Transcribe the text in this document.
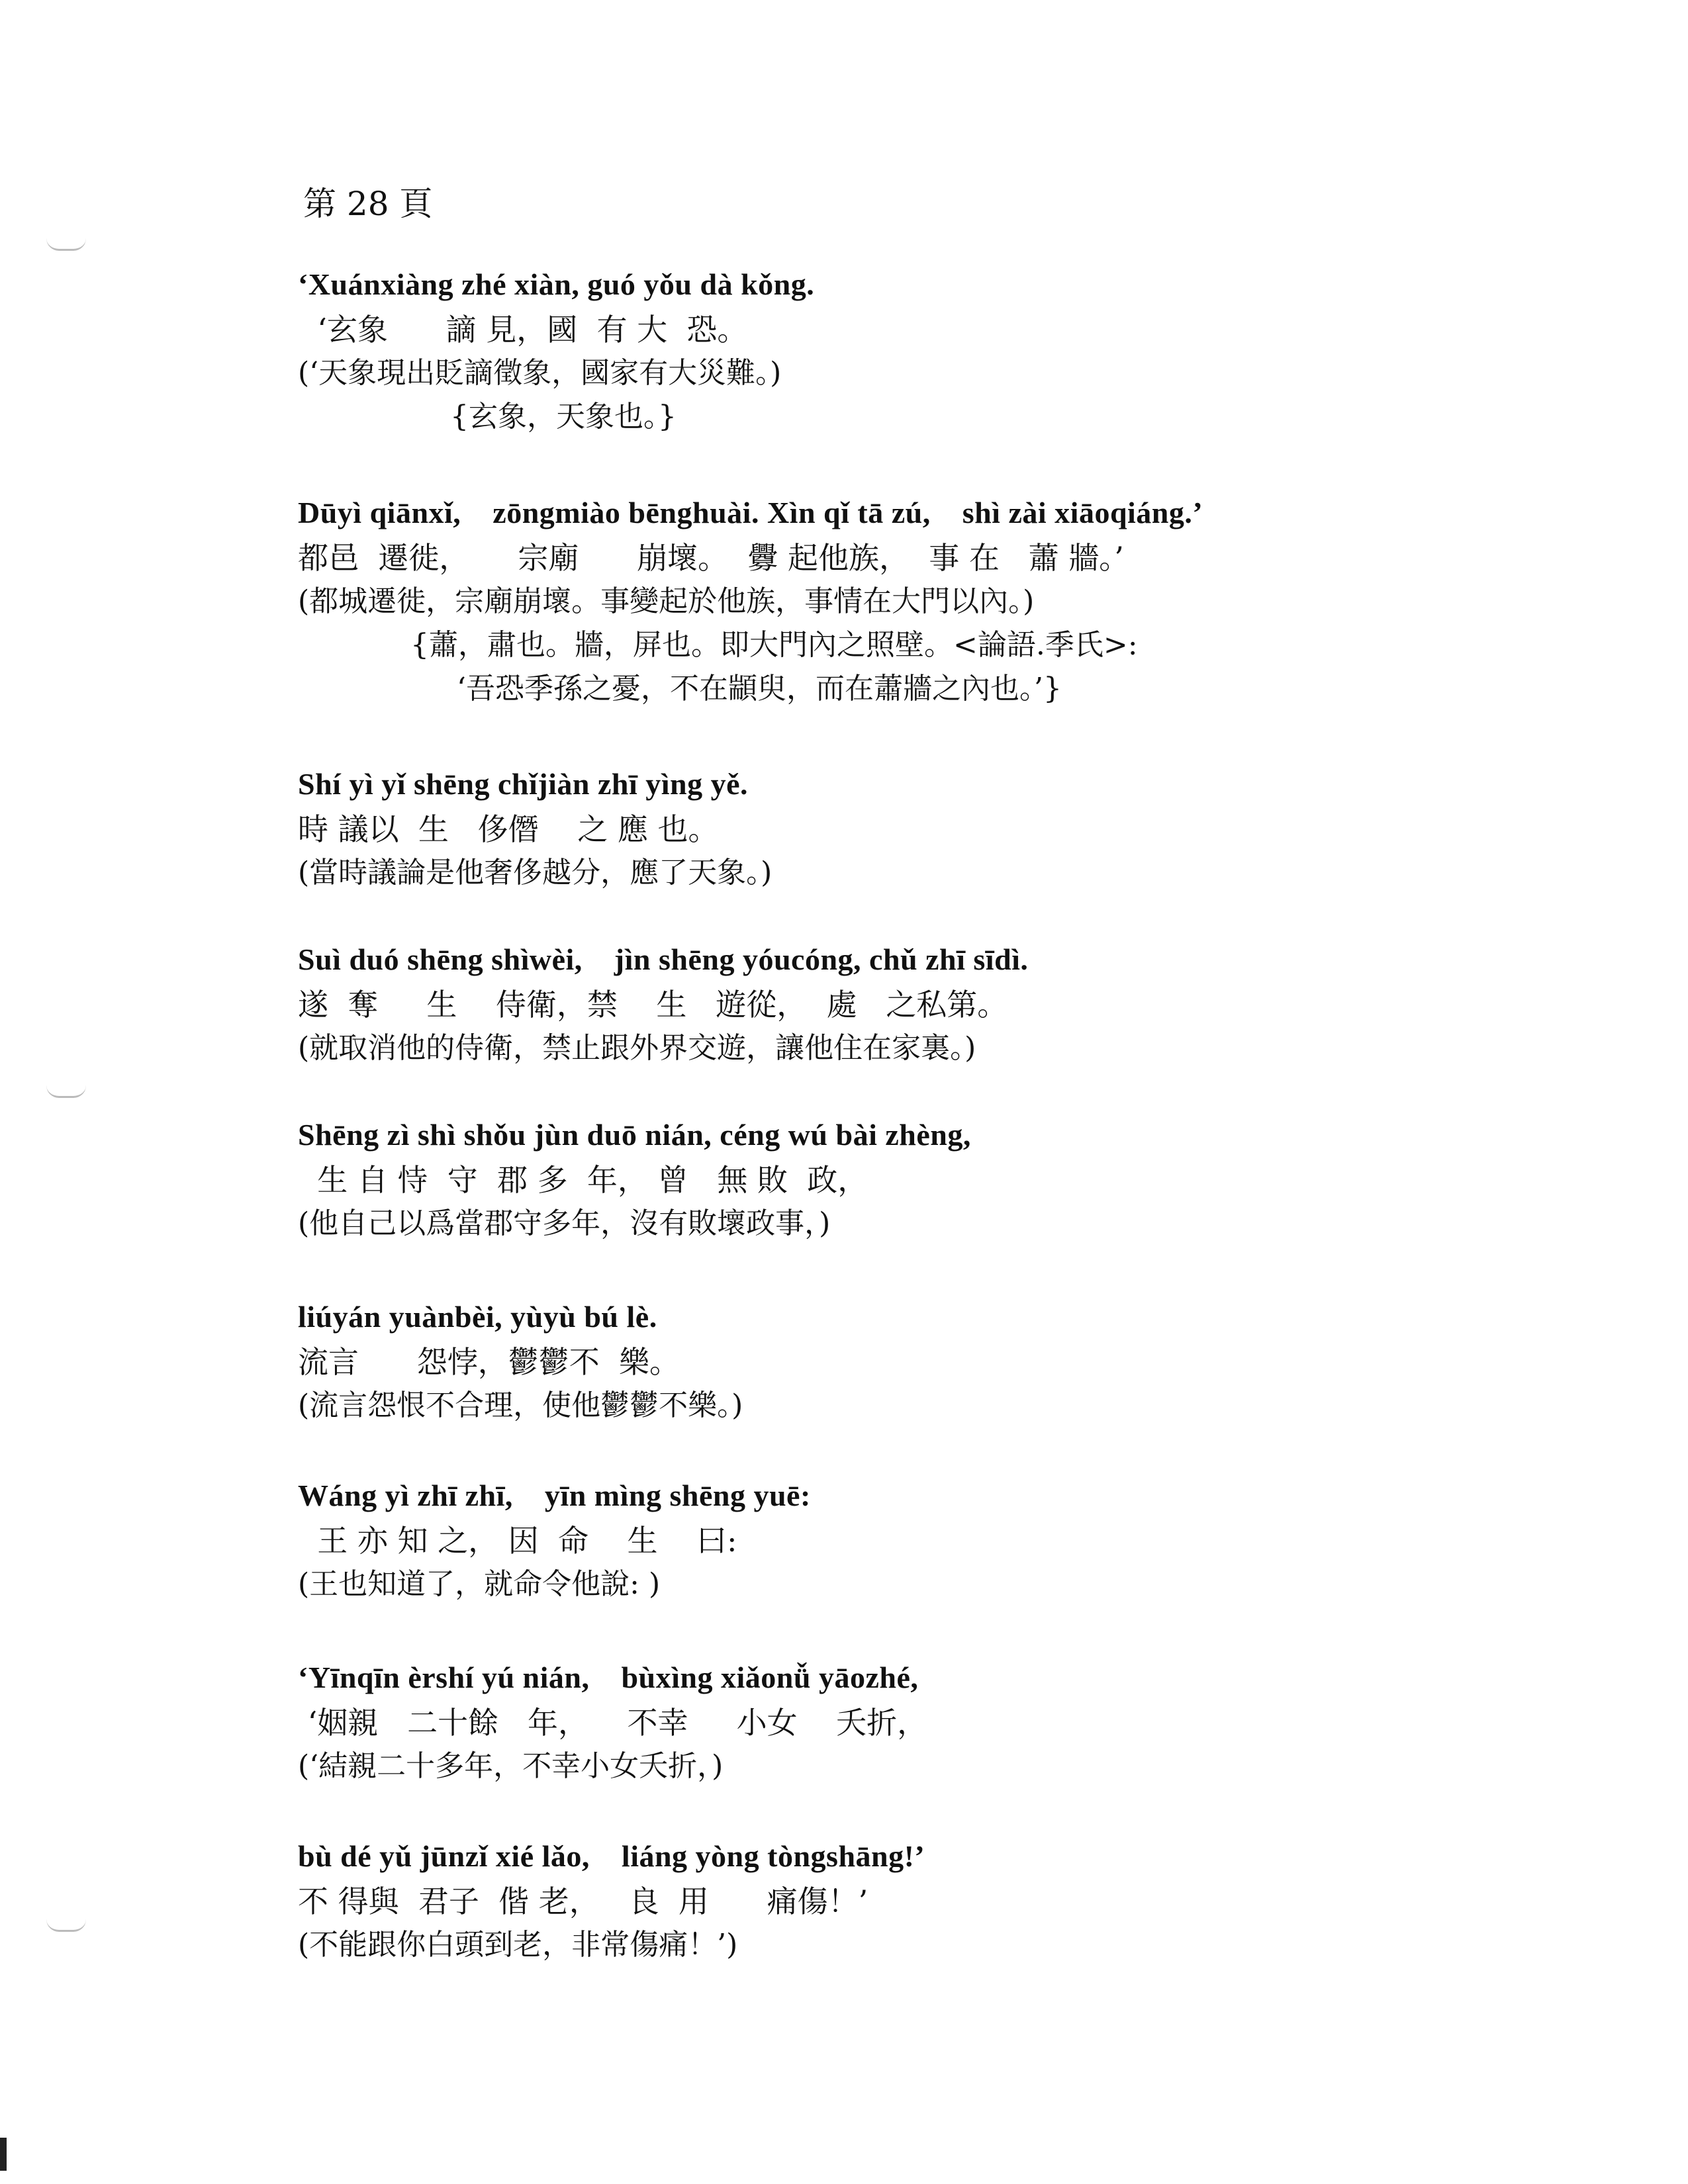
第 28 頁
‘Xuánxiàng zhé xiàn, guó yǒu dà kǒng.
‘玄象      謫 見，國  有 大  恐。
(‘天象現出貶謫徵象，國家有大災難。)
{玄象，天象也。}
Dūyì qiānxǐ,    zōngmiào bēnghuài. Xìn qǐ tā zú,    shì zài xiāoqiáng.’
都邑  遷徙，     宗廟      崩壞。  釁 起他族，  事 在   蕭 牆。’
(都城遷徙，宗廟崩壞。事變起於他族，事情在大門以內。)
{蕭，肅也。牆，屏也。即大門內之照壁。<論語.季氏>:
‘吾恐季孫之憂，不在顓臾，而在蕭牆之內也。’}
Shí yì yǐ shēng chǐjiàn zhī yìng yě.
時 議以  生   侈僭    之 應 也。
(當時議論是他奢侈越分，應了天象。)
Suì duó shēng shìwèi,    jìn shēng yóucóng, chǔ zhī sīdì.
遂  奪     生    侍衛，禁    生   遊從，  處   之私第。
(就取消他的侍衛，禁止跟外界交遊，讓他住在家裏。)
Shēng zì shì shǒu jùn duō nián, céng wú bài zhèng,
生 自 恃  守  郡 多  年， 曾   無 敗  政，
(他自己以爲當郡守多年，沒有敗壞政事，)
liúyán yuànbèi, yùyù bú lè.
流言      怨悖，鬱鬱不  樂。
(流言怨恨不合理，使他鬱鬱不樂。)
Wáng yì zhī zhī,    yīn mìng shēng yuē:
王 亦 知 之， 因  命    生    曰:
(王也知道了，就命令他說: )
‘Yīnqīn èrshí yú nián,    bùxìng xiǎonǚ yāozhé,
‘姻親   二十餘   年，    不幸     小女    夭折，
(‘結親二十多年，不幸小女夭折，)
bù dé yǔ jūnzǐ xié lǎo,    liáng yòng tòngshāng!’
不 得與  君子  偕 老，   良  用      痛傷！’
(不能跟你白頭到老，非常傷痛！’)
